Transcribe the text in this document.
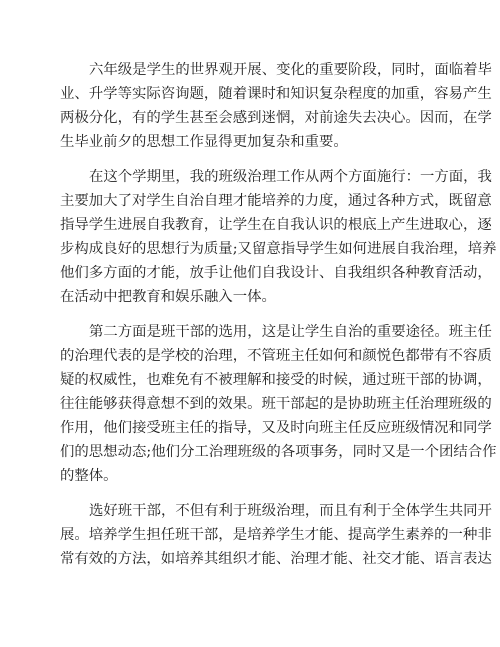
六年级是学生的世界观开展、变化的重要阶段，同时，面临着毕
业、升学等实际咨询题，随着课时和知识复杂程度的加重，容易产生
两极分化，有的学生甚至会感到迷惘，对前途失去决心。因而，在学
生毕业前夕的思想工作显得更加复杂和重要。
在这个学期里，我的班级治理工作从两个方面施行：一方面，我
主要加大了对学生自治自理才能培养的力度，通过各种方式，既留意
指导学生进展自我教育，让学生在自我认识的根底上产生进取心，逐
步构成良好的思想行为质量;又留意指导学生如何进展自我治理，培养
他们多方面的才能，放手让他们自我设计、自我组织各种教育活动，
在活动中把教育和娱乐融入一体。
第二方面是班干部的选用，这是让学生自治的重要途径。班主任
的治理代表的是学校的治理，不管班主任如何和颜悦色都带有不容质
疑的权威性，也难免有不被理解和接受的时候，通过班干部的协调，
往往能够获得意想不到的效果。班干部起的是协助班主任治理班级的
作用，他们接受班主任的指导，又及时向班主任反应班级情况和同学
们的思想动态;他们分工治理班级的各项事务，同时又是一个团结合作
的整体。
选好班干部，不但有利于班级治理，而且有利于全体学生共同开
展。培养学生担任班干部，是培养学生才能、提高学生素养的一种非
常有效的方法，如培养其组织才能、治理才能、社交才能、语言表达
